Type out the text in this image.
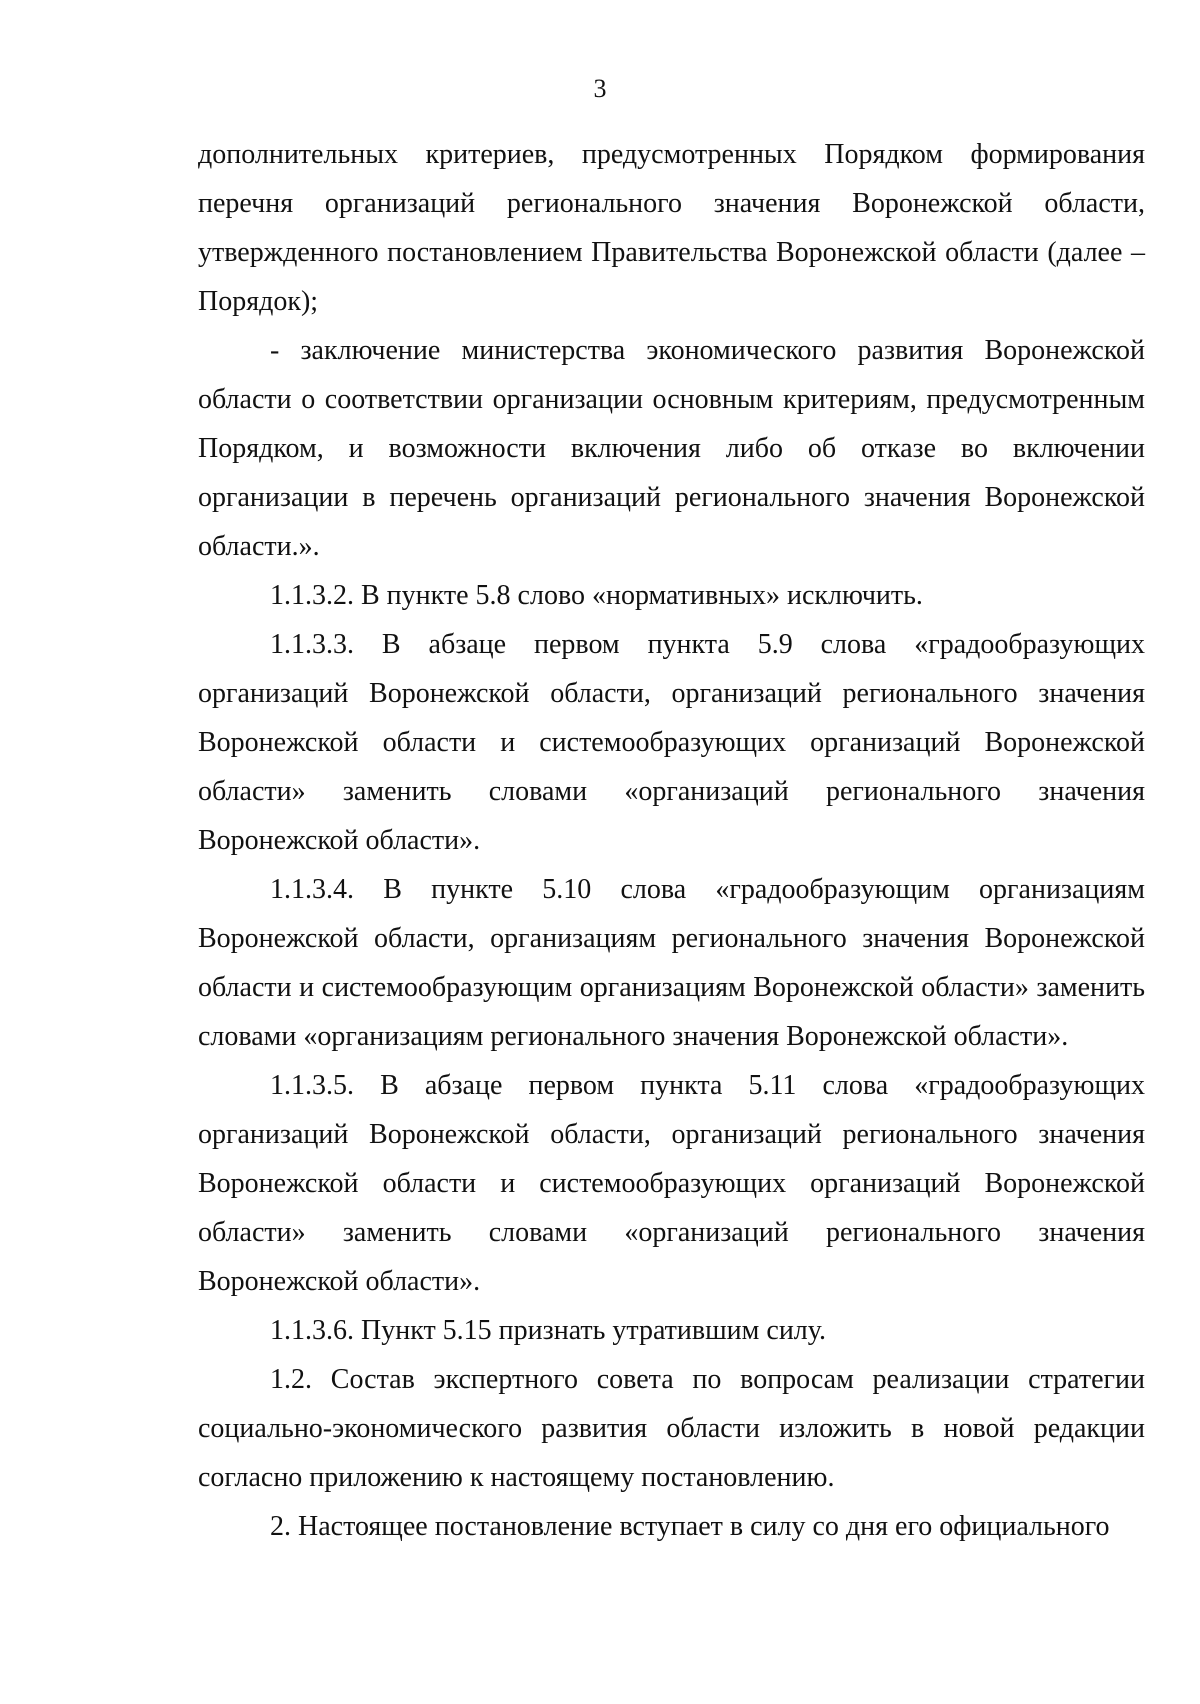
3

дополнительных критериев, предусмотренных Порядком формирования перечня организаций регионального значения Воронежской области, утвержденного постановлением Правительства Воронежской области (далее – Порядок);

- заключение министерства экономического развития Воронежской области о соответствии организации основным критериям, предусмотренным Порядком, и возможности включения либо об отказе во включении организации в перечень организаций регионального значения Воронежской области.».

1.1.3.2. В пункте 5.8 слово «нормативных» исключить.

1.1.3.3. В абзаце первом пункта 5.9 слова «градообразующих организаций Воронежской области, организаций регионального значения Воронежской области и системообразующих организаций Воронежской области» заменить словами «организаций регионального значения Воронежской области».

1.1.3.4. В пункте 5.10 слова «градообразующим организациям Воронежской области, организациям регионального значения Воронежской области и системообразующим организациям Воронежской области» заменить словами «организациям регионального значения Воронежской области».

1.1.3.5. В абзаце первом пункта 5.11 слова «градообразующих организаций Воронежской области, организаций регионального значения Воронежской области и системообразующих организаций Воронежской области» заменить словами «организаций регионального значения Воронежской области».

1.1.3.6. Пункт 5.15 признать утратившим силу.

1.2. Состав экспертного совета по вопросам реализации стратегии социально-экономического развития области изложить в новой редакции согласно приложению к настоящему постановлению.

2. Настоящее постановление вступает в силу со дня его официального
